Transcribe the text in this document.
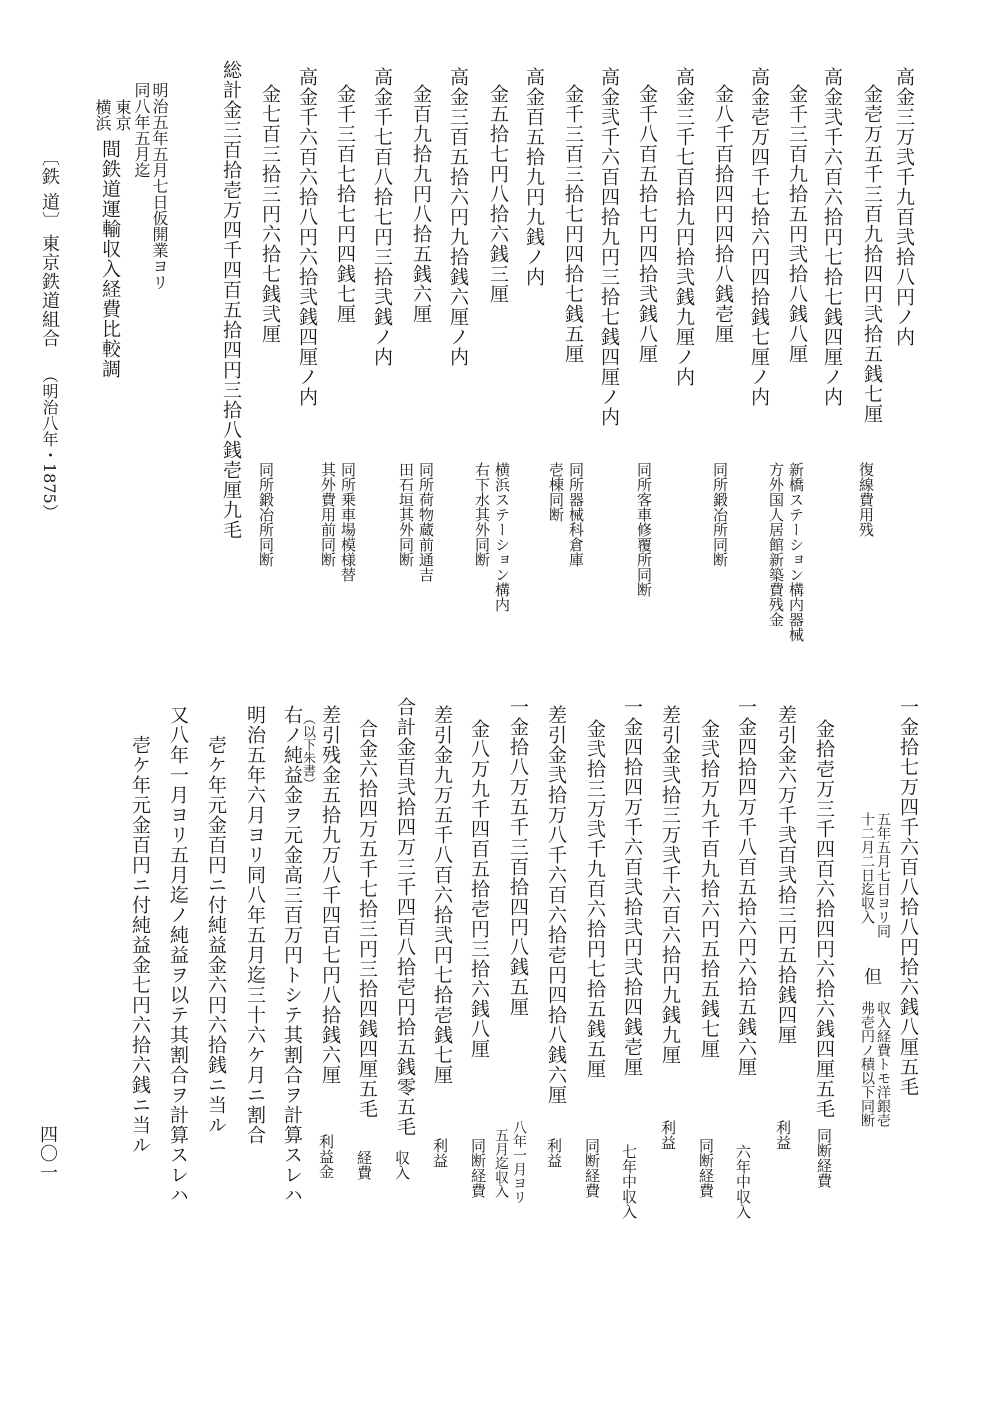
高金三万弐千九百弐拾八円ノ内
金壱万五千三百九拾四円弐拾五銭七厘
復線費用残
高金弐千六百六拾円七拾七銭四厘ノ内
金千三百九拾五円弐拾八銭八厘
新橋ステーション構内器械
方外国人居館新築費残金
高金壱万四千七拾六円四拾銭七厘ノ内
金八千百拾四円四拾八銭壱厘
同所鍛冶所同断
高金三千七百拾九円拾弐銭九厘ノ内
金千八百五拾七円四拾弐銭八厘
同所客車修覆所同断
高金弐千六百四拾九円三拾七銭四厘ノ内
金千三百三拾七円四拾七銭五厘
同所器械科倉庫
壱棟同断
高金百五拾九円九銭ノ内
金五拾七円八拾六銭三厘
横浜ステーション構内
右下水其外同断
高金三百五拾六円九拾銭六厘ノ内
金百九拾九円八拾五銭六厘
同所荷物蔵前通吉
田石垣其外同断
高金千七百八拾七円三拾弐銭ノ内
金千三百七拾七円四銭七厘
同所乗車場模様替
其外費用前同断
高金千六百六拾八円六拾弐銭四厘ノ内
金七百三拾三円六拾七銭弐厘
同所鍛冶所同断
総計金三百拾壱万四千四百五拾四円三拾八銭壱厘九毛
明治五年五月七日仮開業ヨリ
同八年五月迄
東京
横浜
間鉄道運輸収入経費比較調
〔鉄 道〕
東京鉄道組合
（明治八年・1875）
一金拾七万四千六百八拾八円拾六銭八厘五毛
五年五月七日ヨリ同
十二月二日迄収入
但
収入経費トモ洋銀壱
弗壱円ノ積以下同断
金拾壱万三千四百六拾四円六拾六銭四厘五毛
同断経費
差引金六万千弐百弐拾三円五拾銭四厘
利益
一金四拾四万千八百五拾六円六拾五銭六厘
六年中収入
金弐拾万九千百九拾六円五拾五銭七厘
同断経費
差引金弐拾三万弐千六百六拾円九銭九厘
利益
一金四拾四万千六百弐拾弐円弐拾四銭壱厘
七年中収入
金弐拾三万弐千九百六拾円七拾五銭五厘
同断経費
差引金弐拾万八千六百六拾壱円四拾八銭六厘
利益
一金拾八万五千三百拾四円八銭五厘
八年一月ヨリ
五月迄収入
金八万九千四百五拾壱円三拾六銭八厘
同断経費
差引金九万五千八百六拾弐円七拾壱銭七厘
利益
合計金百弐拾四万三千四百八拾壱円拾五銭零五毛
収入
合金六拾四万五千七拾三円三拾四銭四厘五毛
経費
差引残金五拾九万八千四百七円八拾銭六厘
利益金
（以下朱書）
右ノ純益金ヲ元金高三百万円トシテ其割合ヲ計算スレハ
明治五年六月ヨリ同八年五月迄三十六ケ月ニ割合
壱ケ年元金百円ニ付純益金六円六拾銭ニ当ル
又八年一月ヨリ五月迄ノ純益ヲ以テ其割合ヲ計算スレハ
壱ケ年元金百円ニ付純益金七円六拾六銭ニ当ル
四〇一
